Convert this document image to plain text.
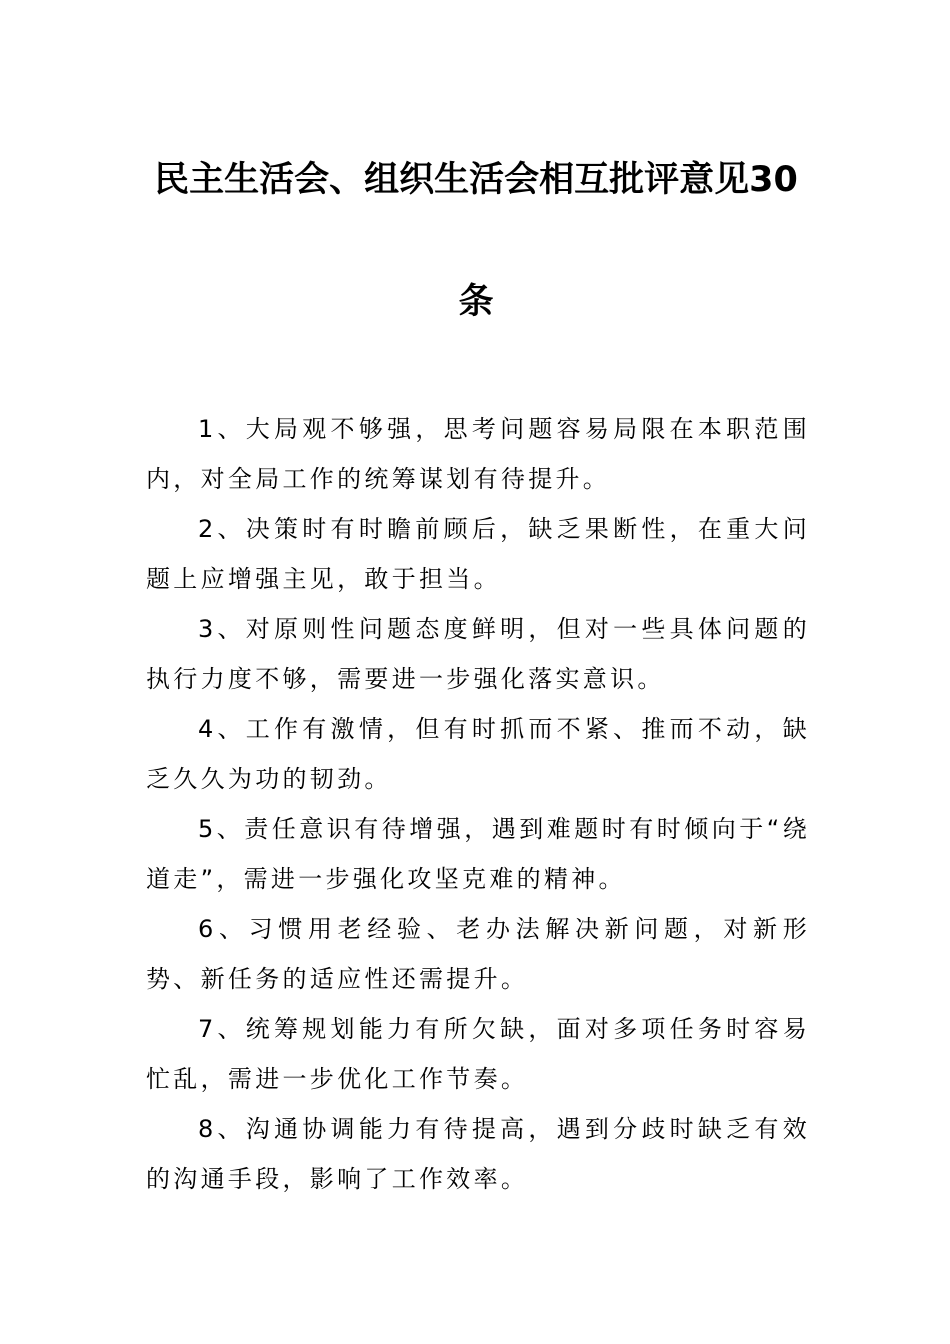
民主生活会、组织生活会相互批评意见30
条

1、大局观不够强，思考问题容易局限在本职范围内，对全局工作的统筹谋划有待提升。

2、决策时有时瞻前顾后，缺乏果断性，在重大问题上应增强主见，敢于担当。

3、对原则性问题态度鲜明，但对一些具体问题的执行力度不够，需要进一步强化落实意识。

4、工作有激情，但有时抓而不紧、推而不动，缺乏久久为功的韧劲。

5、责任意识有待增强，遇到难题时有时倾向于“绕道走”，需进一步强化攻坚克难的精神。

6、习惯用老经验、老办法解决新问题，对新形势、新任务的适应性还需提升。

7、统筹规划能力有所欠缺，面对多项任务时容易忙乱，需进一步优化工作节奏。

8、沟通协调能力有待提高，遇到分歧时缺乏有效的沟通手段，影响了工作效率。
